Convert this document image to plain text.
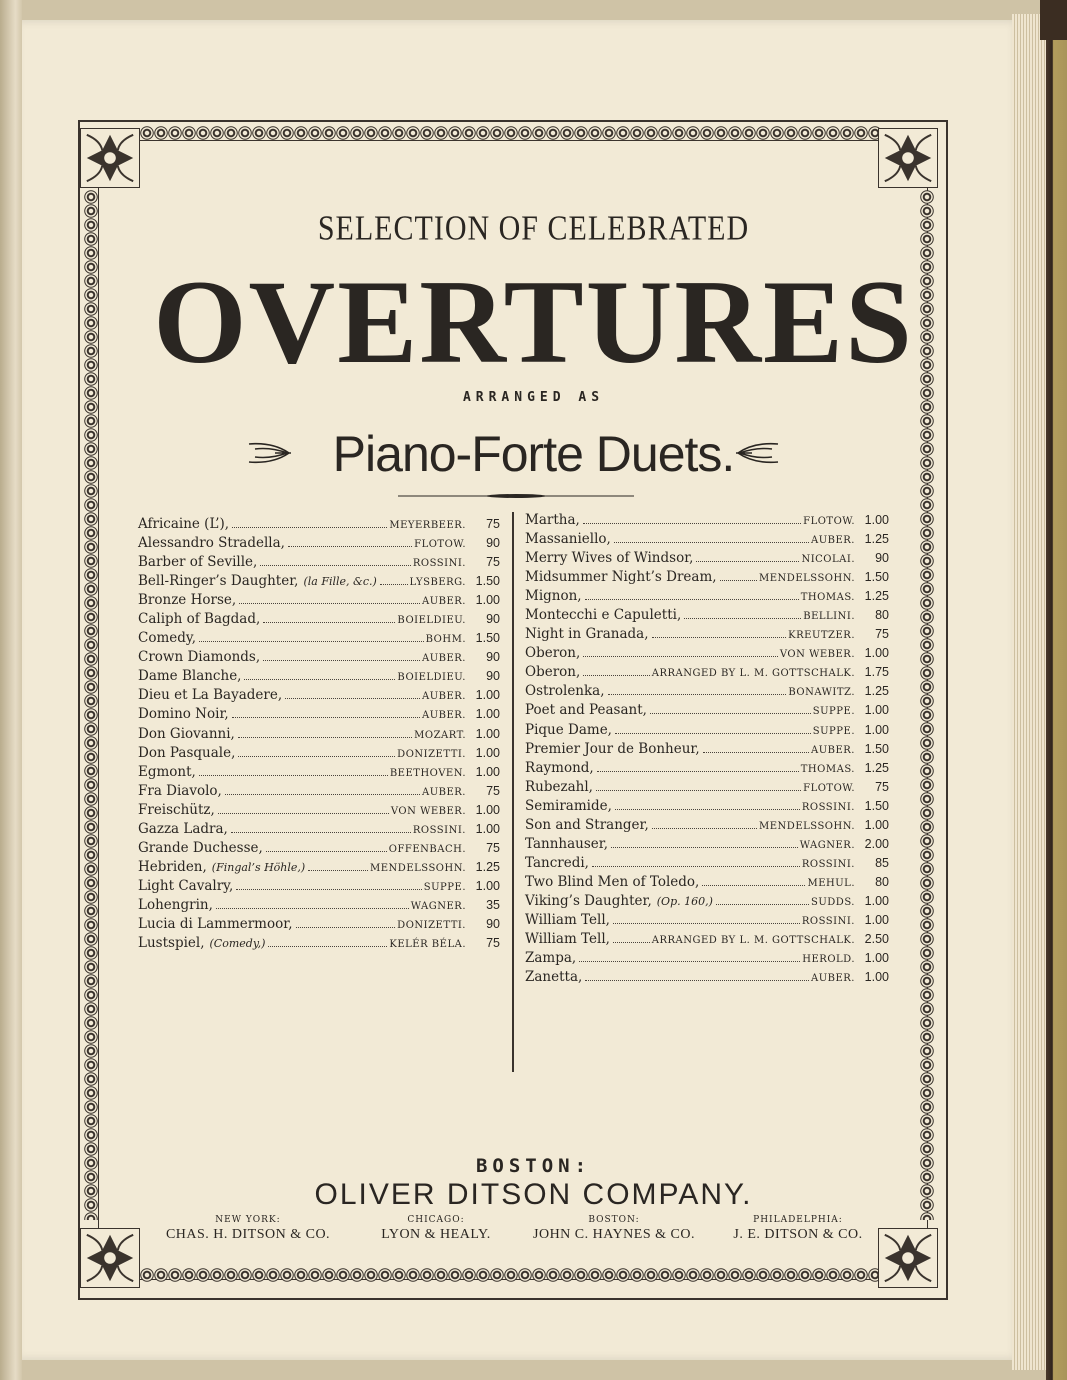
SELECTION OF CELEBRATED
OVERTURES
ARRANGED AS
Piano-Forte Duets.
Africaine (L’),	MEYERBEER.	75
Alessandro Stradella,	FLOTOW.	90
Barber of Seville,	ROSSINI.	75
Bell-Ringer’s Daughter, (la Fille, &c.)	LYSBERG. 1.50
Bronze Horse,	AUBER. 1.00
Caliph of Bagdad,	BOIELDIEU.	90
Comedy,	BOHM. 1.50
Crown Diamonds,	AUBER.	90
Dame Blanche,	BOIELDIEU.	90
Dieu et La Bayadere,	AUBER. 1.00
Domino Noir,	AUBER. 1.00
Don Giovanni,	MOZART. 1.00
Don Pasquale,	DONIZETTI. 1.00
Egmont,	BEETHOVEN. 1.00
Fra Diavolo,	AUBER.	75
Freischütz,	VON WEBER. 1.00
Gazza Ladra,	ROSSINI. 1.00
Grande Duchesse,	OFFENBACH.	75
Hebriden, (Fingal’s Höhle,)	MENDELSSOHN. 1.25
Light Cavalry,	SUPPE. 1.00
Lohengrin,	WAGNER.	35
Lucia di Lammermoor,	DONIZETTI.	90
Lustspiel, (Comedy,)	KELÉR BÉLA.	75
Martha,	FLOTOW. 1.00
Massaniello,	AUBER. 1.25
Merry Wives of Windsor,	NICOLAI.	90
Midsummer Night’s Dream,	MENDELSSOHN. 1.50
Mignon,	THOMAS. 1.25
Montecchi e Capuletti,	BELLINI.	80
Night in Granada,	KREUTZER.	75
Oberon,	VON WEBER. 1.00
Oberon,	ARRANGED BY L. M. GOTTSCHALK. 1.75
Ostrolenka,	BONAWITZ. 1.25
Poet and Peasant,	SUPPE. 1.00
Pique Dame,	SUPPE. 1.00
Premier Jour de Bonheur,	AUBER. 1.50
Raymond,	THOMAS. 1.25
Rubezahl,	FLOTOW.	75
Semiramide,	ROSSINI. 1.50
Son and Stranger,	MENDELSSOHN. 1.00
Tannhauser,	WAGNER. 2.00
Tancredi,	ROSSINI.	85
Two Blind Men of Toledo,	MEHUL.	80
Viking’s Daughter, (Op. 160,)	SUDDS. 1.00
William Tell,	ROSSINI. 1.00
William Tell,	ARRANGED BY L. M. GOTTSCHALK. 2.50
Zampa,	HEROLD. 1.00
Zanetta,	AUBER. 1.00
BOSTON:
OLIVER DITSON COMPANY.
NEW YORK:
CHAS. H. DITSON & CO.
CHICAGO:
LYON & HEALY.
BOSTON:
JOHN C. HAYNES & CO.
PHILADELPHIA:
J. E. DITSON & CO.
